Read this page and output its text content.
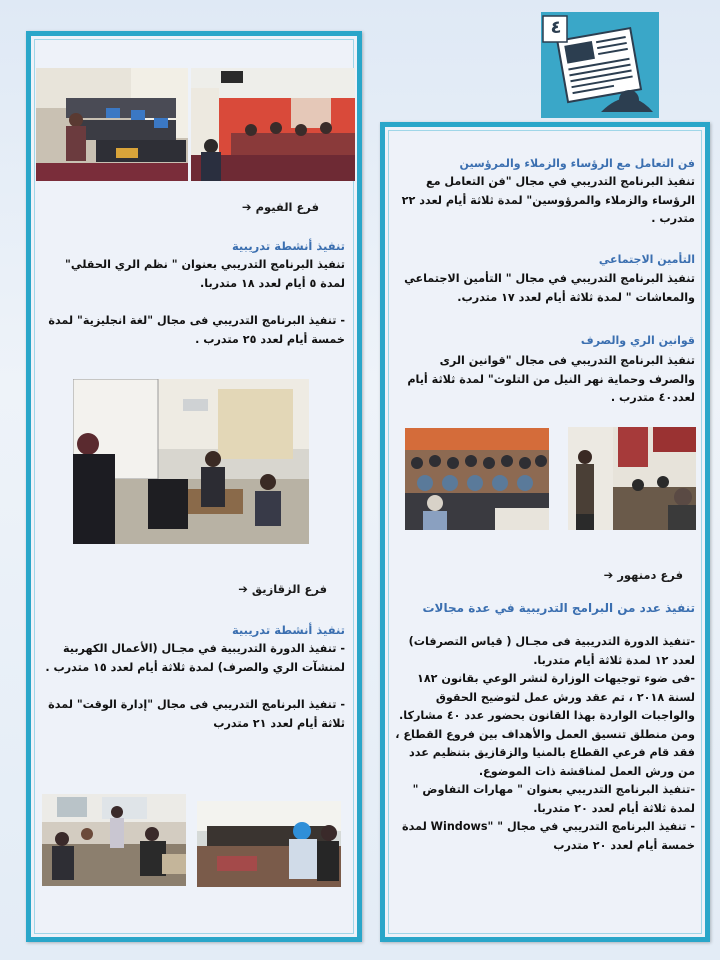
٤
فرع الفيوم ➔

تنفيذ أنشطة تدريبية

تنفيذ البرنامج التدريبي بعنوان " نظم الري الحقلي" لمدة ٥ أيام لعدد ١٨ متدربا.

- تنفيذ البرنامج التدريبي فى مجال "لغة انجليزية" لمدة خمسة أيام لعدد ٢٥ متدرب .

فرع الزقازيق ➔

تنفيذ أنشطة تدريبية

- تنفيذ الدورة التدريبية في مجـال (الأعمال الكهربية لمنشآت الري والصرف) لمدة ثلاثة أيام لعدد ١٥ متدرب .

- تنفيذ البرنامج التدريبي فى مجال "إدارة الوقت" لمدة ثلاثة أيام لعدد ٢١ متدرب

فن التعامل مع الرؤساء والزملاء والمرؤسين

تنفيذ البرنامج التدريبي في مجال "فن التعامل مع الرؤساء والزملاء والمرؤوسين" لمدة ثلاثة أيام لعدد ٢٢ متدرب .

التأمين الاجتماعي

تنفيذ البرنامج التدريبي في مجال " التأمين الاجتماعي والمعاشات " لمدة ثلاثة أيام لعدد ١٧ متدرب.

قوانين الري والصرف

تنفيذ البرنامج التدريبي فى مجال "قوانين الرى والصرف وحماية نهر النيل من التلوث" لمدة ثلاثة أيام لعدد٤٠ متدرب .

فرع دمنهور ➔

تنفيذ عدد من البرامج التدريبية في عدة مجالات

-تنفيذ الدورة التدريبية فى مجـال ( قياس التصرفات) لعدد ١٢ لمدة ثلاثة أيام متدربا.
-فى ضوء توجيهات الوزارة لنشر الوعي بقانون ١٨٢ لسنة ٢٠١٨ ، تم عقد ورش عمل لتوضيح الحقوق والواجبات الواردة بهذا القانون بحضور عدد ٤٠ مشاركا.
ومن منطلق تنسيق العمل والأهداف بين فروع القطاع ، فقد قام فرعي القطاع بالمنيا والزقازيق بتنظيم عدد من ورش العمل لمناقشة ذات الموضوع.
-تنفيذ البرنامج التدريبي بعنوان " مهارات التفاوض " لمدة ثلاثة أيام لعدد ٢٠ متدربا.
- تنفيذ البرنامج التدريبي في مجال " "Windows لمدة خمسة أيام لعدد ٢٠ متدرب
